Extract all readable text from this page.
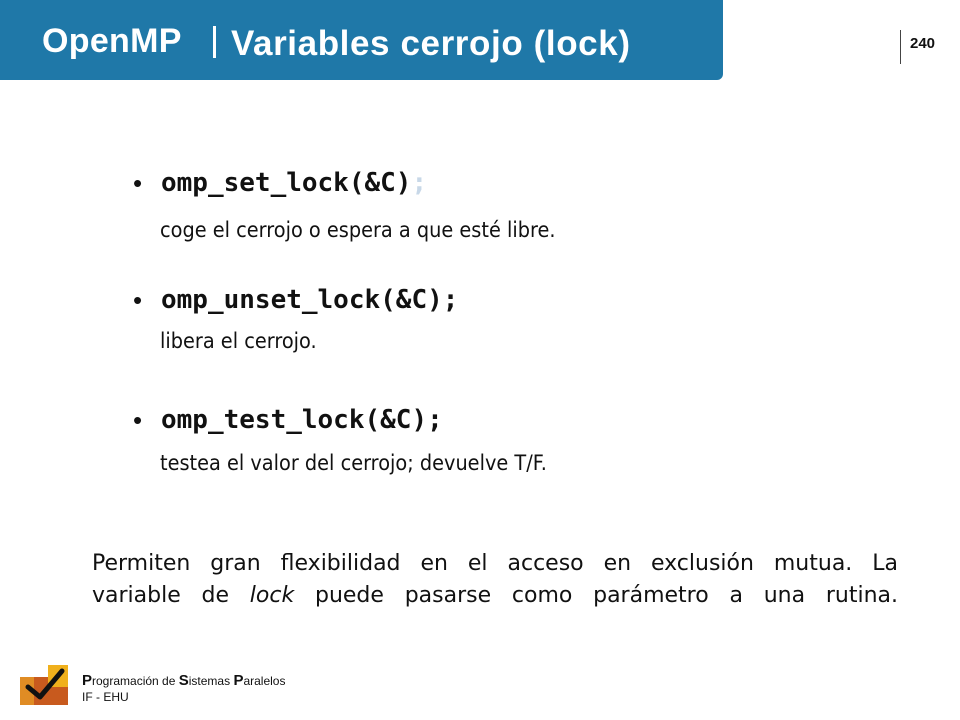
OpenMP Variables cerrojo (lock)	240
• omp_set_lock(&C);
coge el cerrojo o espera a que esté libre.
• omp_unset_lock(&C);
libera el cerrojo.
• omp_test_lock(&C);
testea el valor del cerrojo; devuelve T/F.
Permiten gran flexibilidad en el acceso en exclusión mutua. La
variable de lock puede pasarse como parámetro a una rutina.
Programación de Sistemas Paralelos
IF - EHU
